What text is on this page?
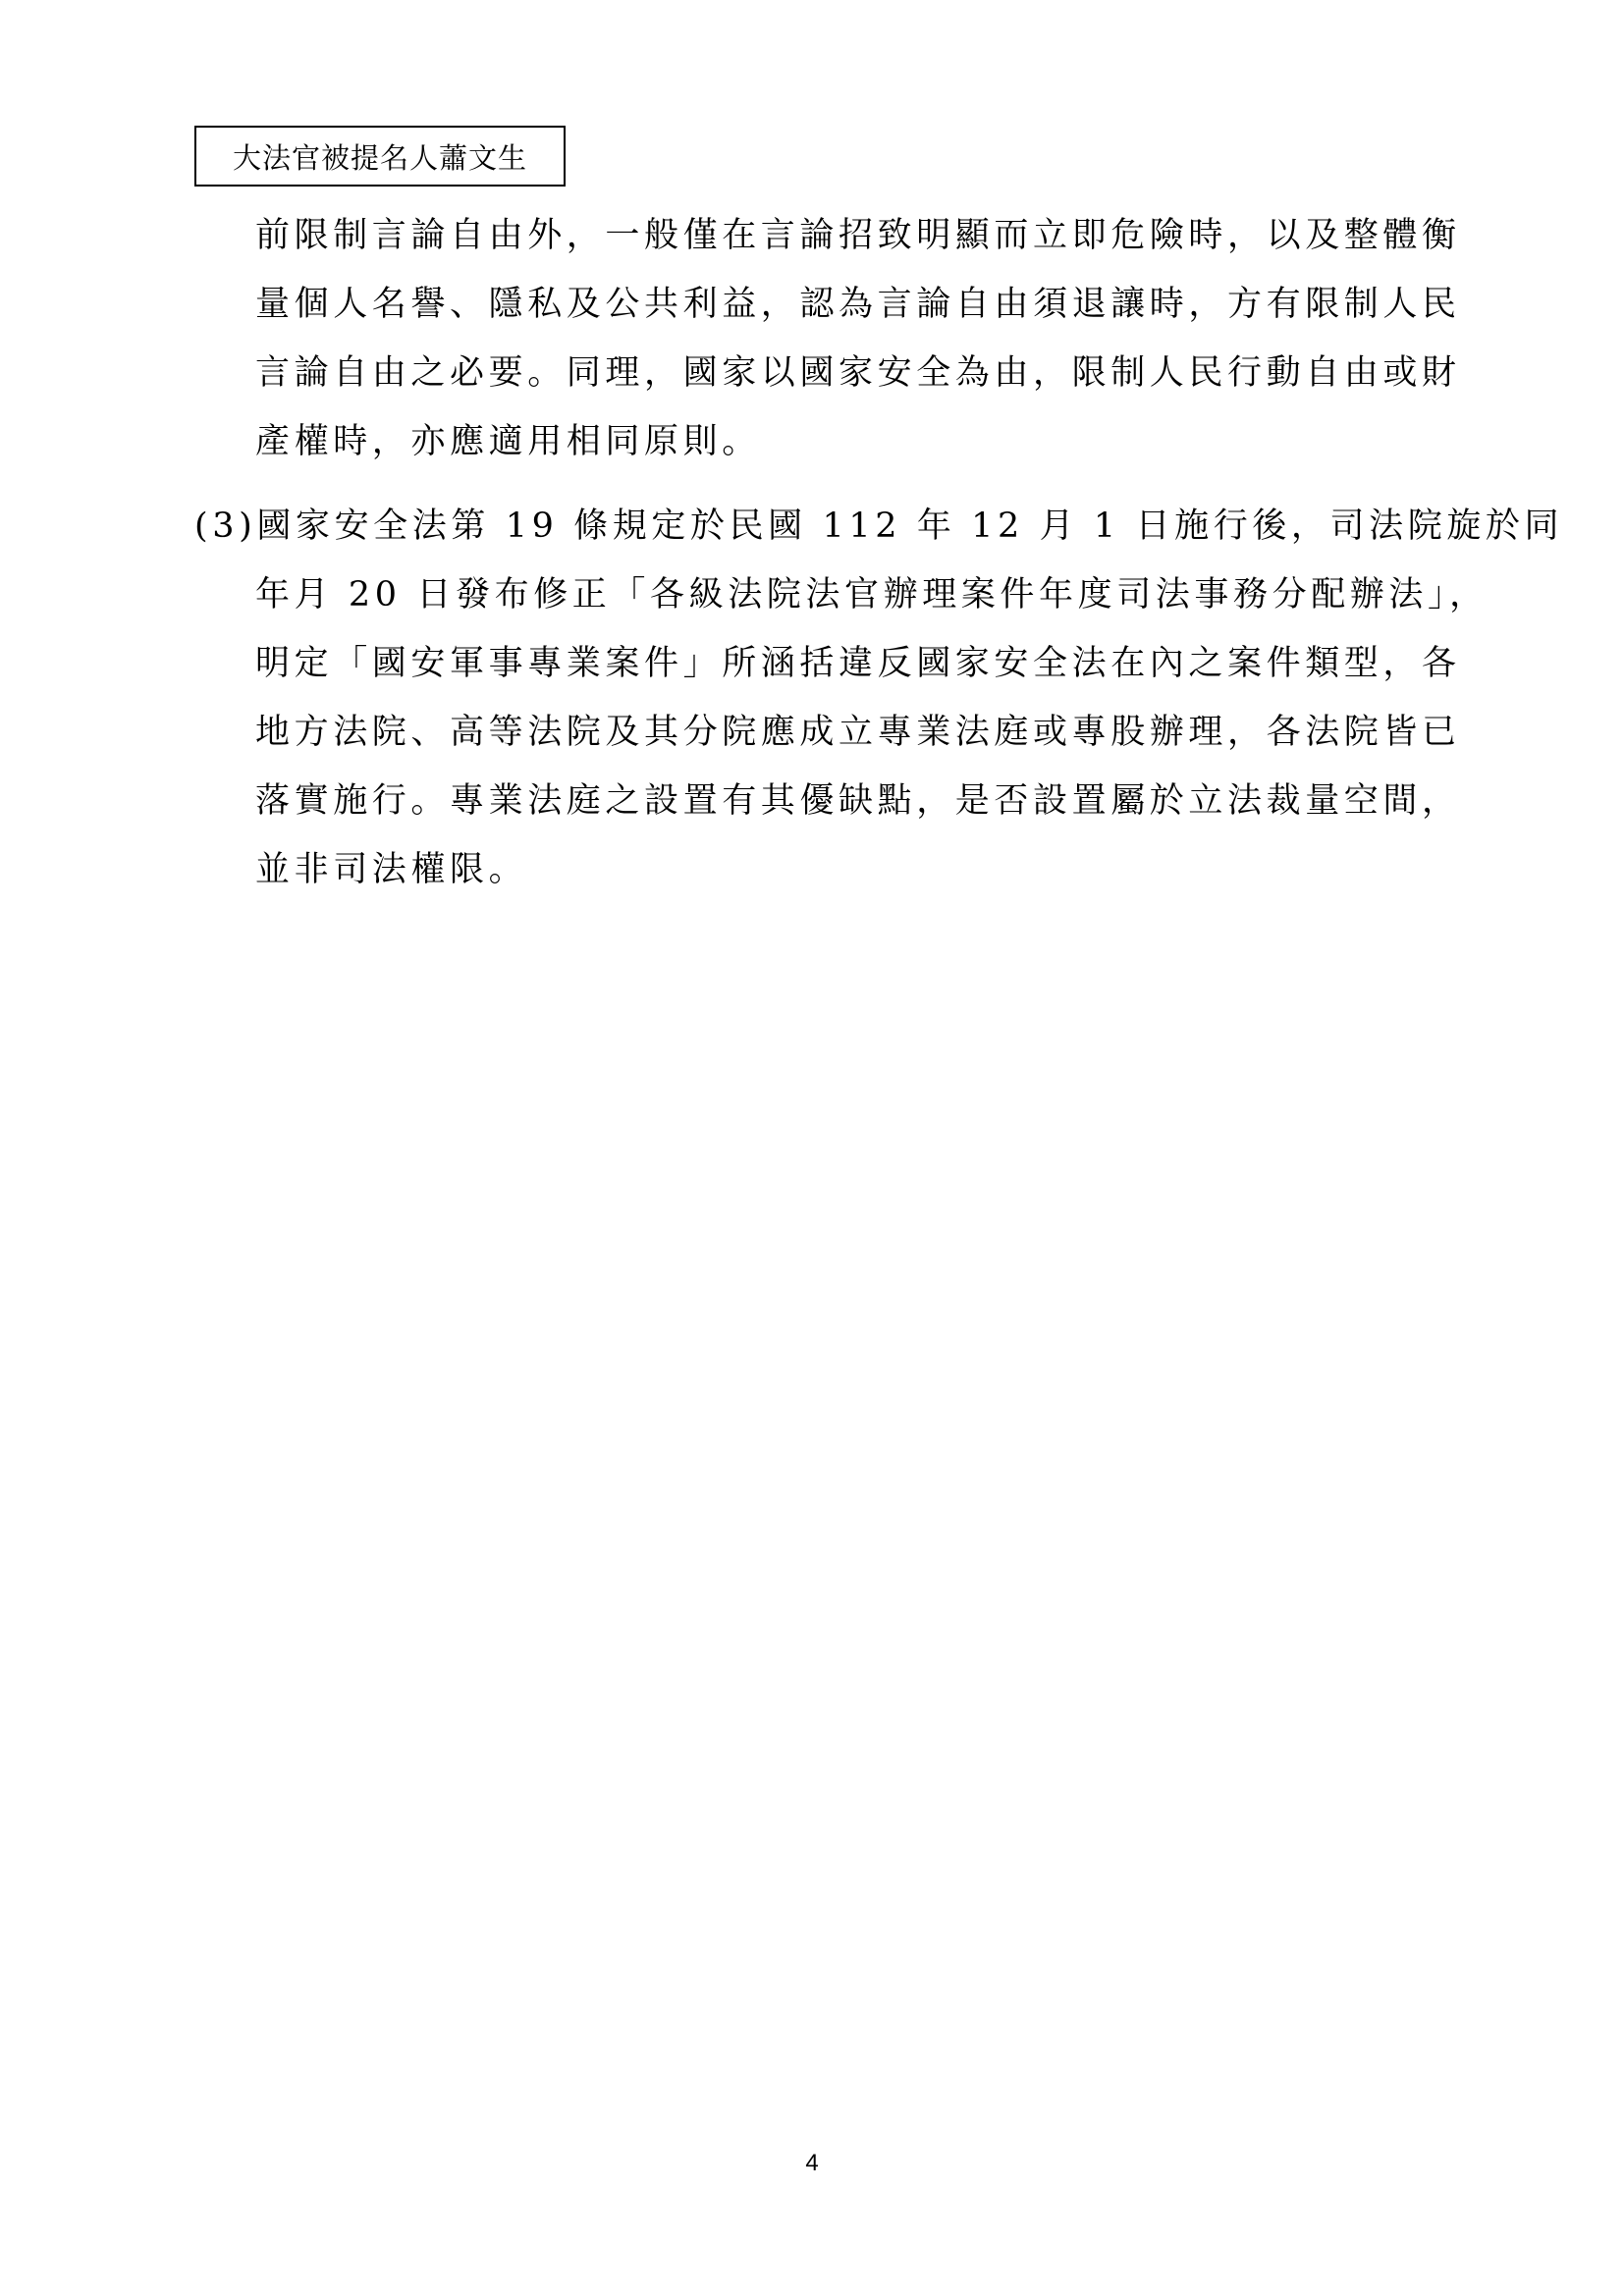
大法官被提名人蕭文生
前限制言論自由外，一般僅在言論招致明顯而立即危險時，以及整體衡
量個人名譽、隱私及公共利益，認為言論自由須退讓時，方有限制人民
言論自由之必要。同理，國家以國家安全為由，限制人民行動自由或財
產權時，亦應適用相同原則。
(3)國家安全法第 19 條規定於民國 112 年 12 月 1 日施行後，司法院旋於同
年月 20 日發布修正「各級法院法官辦理案件年度司法事務分配辦法」，
明定「國安軍事專業案件」所涵括違反國家安全法在內之案件類型，各
地方法院、高等法院及其分院應成立專業法庭或專股辦理，各法院皆已
落實施行。專業法庭之設置有其優缺點，是否設置屬於立法裁量空間，
並非司法權限。
4
